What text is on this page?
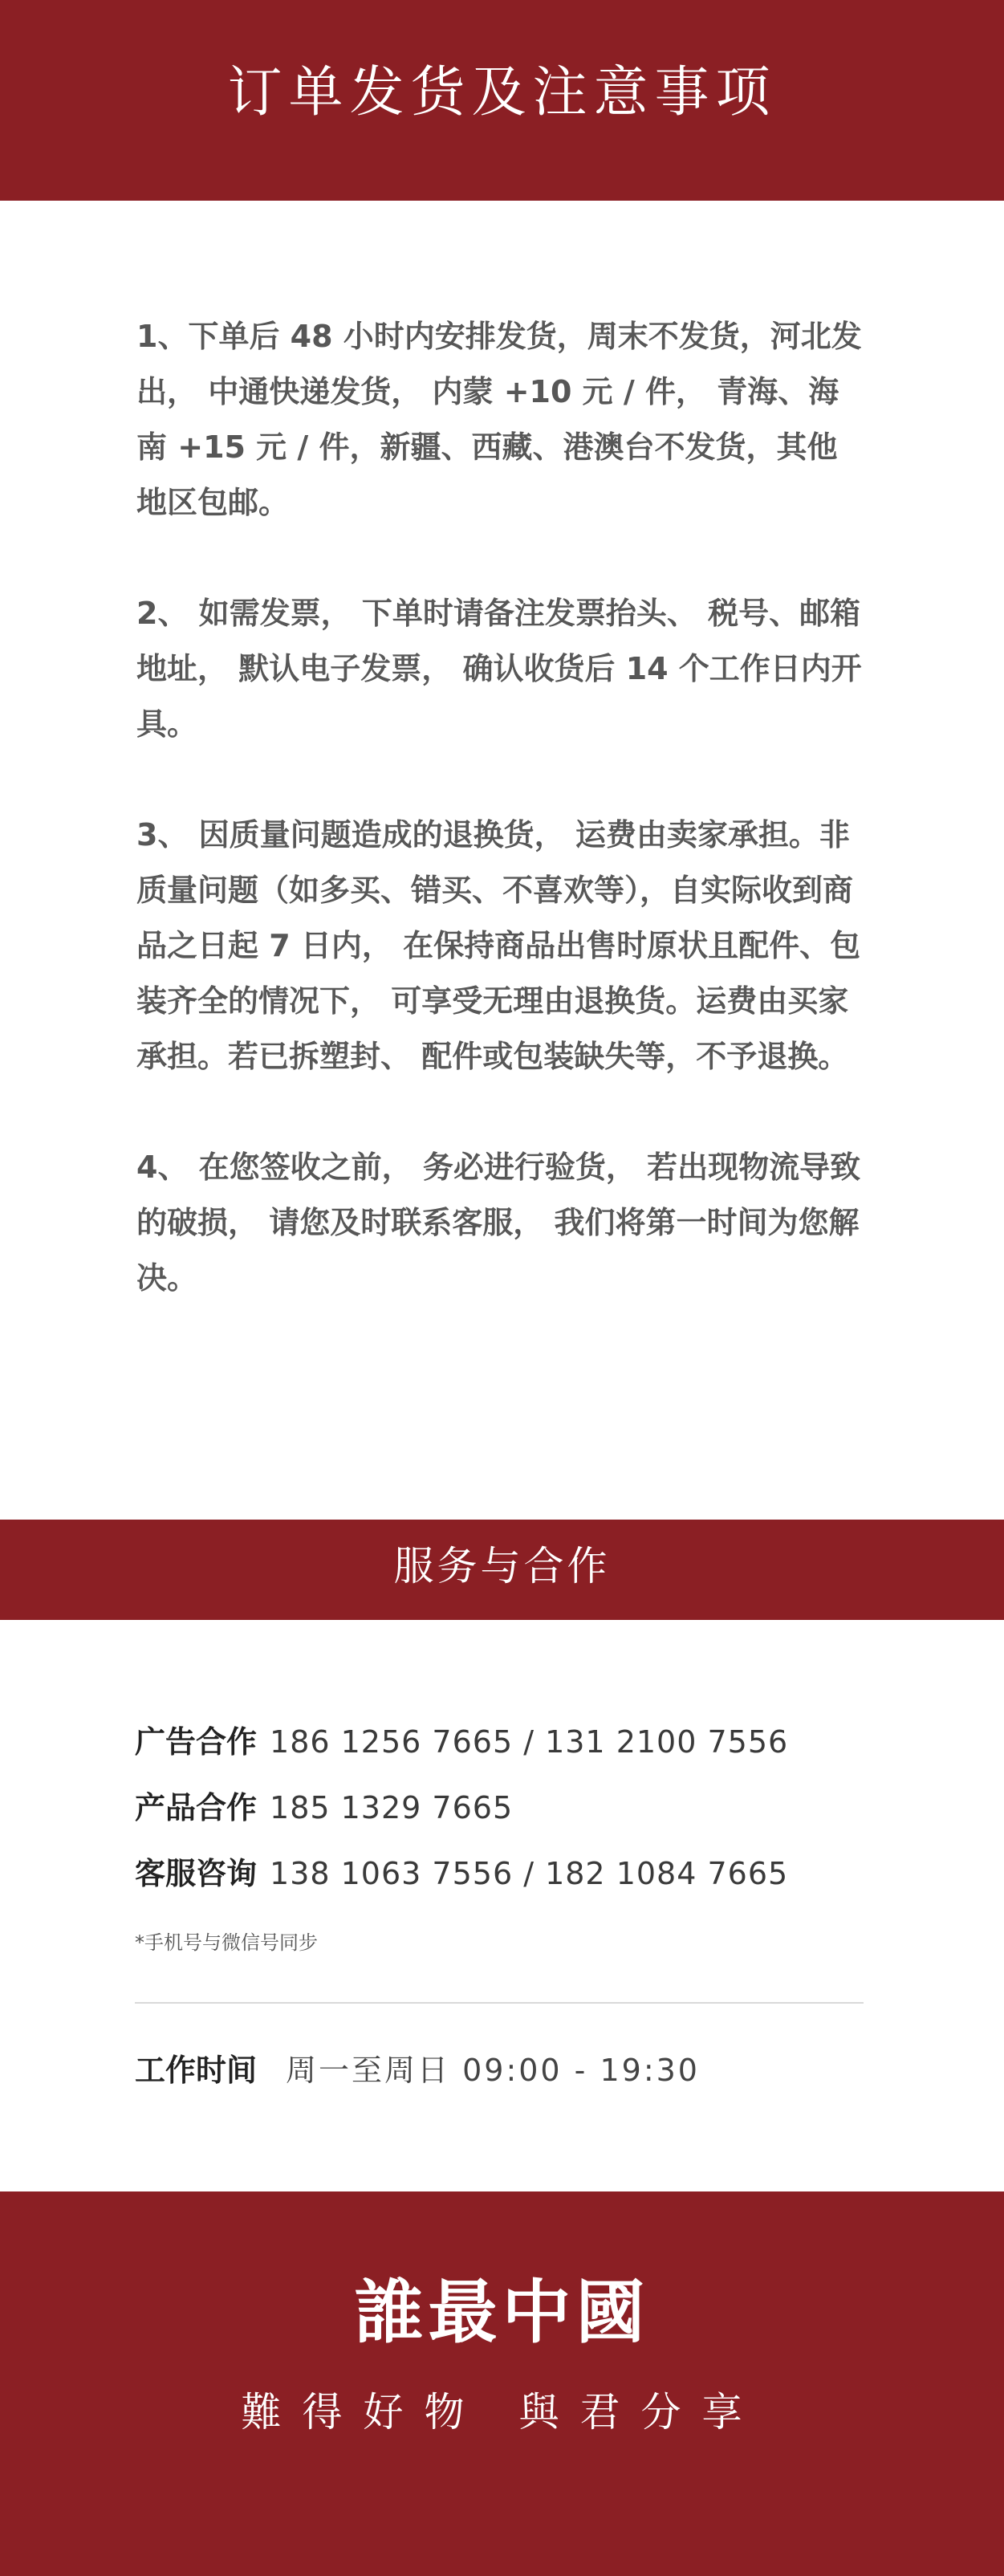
订单发货及注意事项

1、下单后 48 小时内安排发货，周末不发货，河北发出， 中通快递发货， 内蒙 +10 元 / 件， 青海、海南 +15 元 / 件，新疆、西藏、港澳台不发货，其他地区包邮。

2、 如需发票， 下单时请备注发票抬头、 税号、邮箱地址， 默认电子发票， 确认收货后 14 个工作日内开具。

3、 因质量问题造成的退换货， 运费由卖家承担。非质量问题（如多买、错买、不喜欢等），自实际收到商品之日起 7 日内， 在保持商品出售时原状且配件、包装齐全的情况下， 可享受无理由退换货。运费由买家承担。若已拆塑封、 配件或包装缺失等，不予退换。

4、 在您签收之前， 务必进行验货， 若出现物流导致的破损， 请您及时联系客服， 我们将第一时间为您解决。

服务与合作
广告合作 186 1256 7665 / 131 2100 7556
产品合作 185 1329 7665
客服咨询 138 1063 7556 / 182 1084 7665
*手机号与微信号同步
工作时间 周一至周日 09:00 - 19:30
誰最中國
難得好物 與君分享
